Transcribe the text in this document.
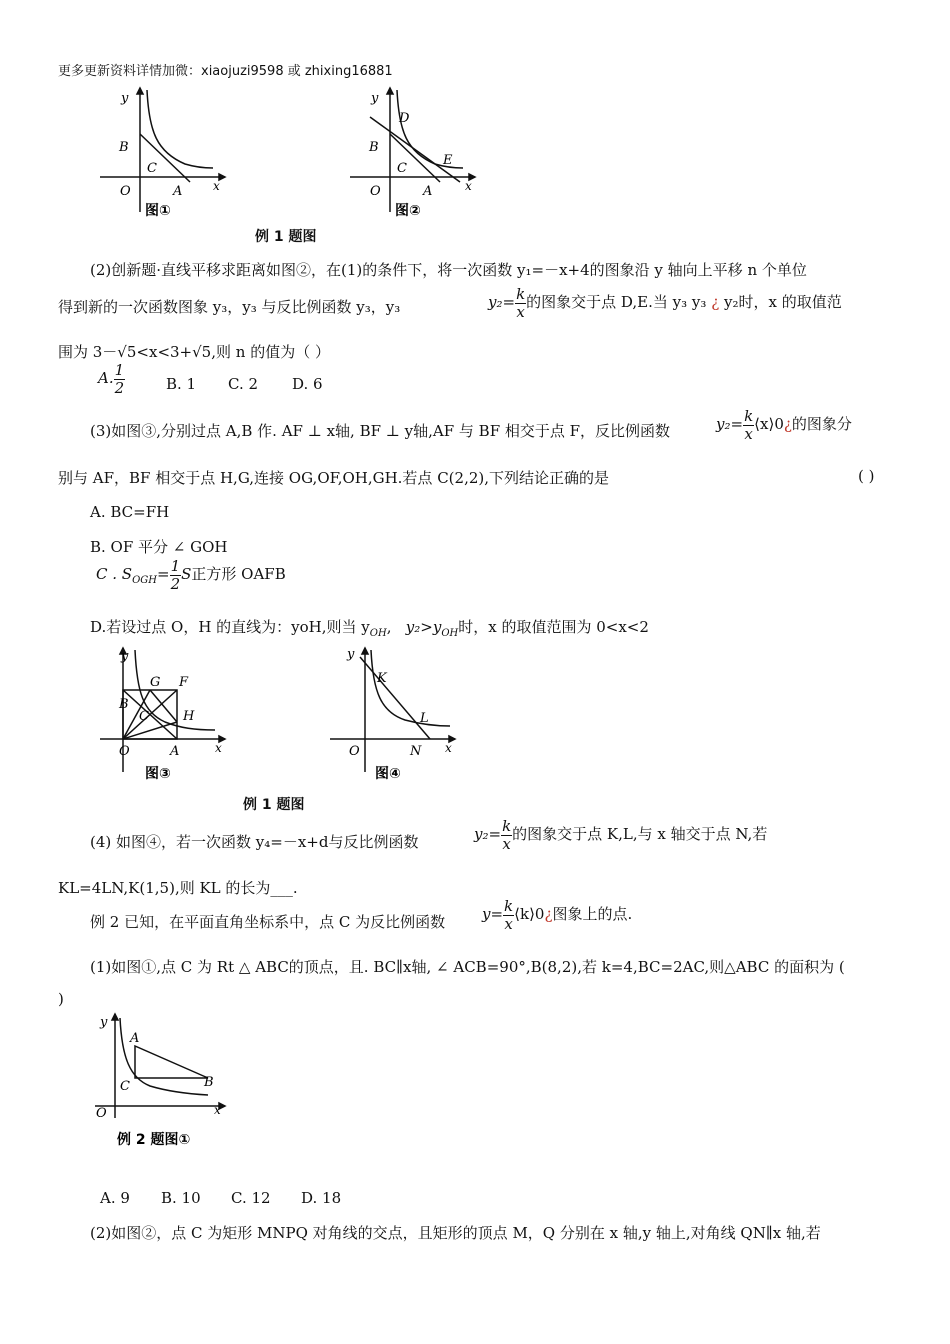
更多更新资料详情加微：xiaojuzi9598 或 zhixing16881
y
B
C
O	A	x
图①
y
D
B
C
E
O	A	x
图②
例 1 题图
(2)创新题·直线平移求距离如图②，在(1)的条件下，将一次函数 y₁=－x+4的图象沿 y 轴向上平移 n 个单位
得到新的一次函数图象 y₃，y₃ 与反比例函数 y₃，y₃	$y_2= \frac{k}{x}$ 的图象交于点 D,E.当 y₃ y₃ ¿ y₂时，x 的取值范
围为 3－√5<x<3+√5,则 n 的值为（ ）
A. $\frac{1}{2}$	B. 1 C. 2 D. 6
(3)如图③,分别过点 A,B 作. AF ⊥ x轴, BF ⊥ y轴,AF 与 BF 相交于点 F，反比例函数	$y_2= \frac{k}{x}$ ⟨x⟩0¿的图象分
别与 AF，BF 相交于点 H,G,连接 OG,OF,OH,GH.若点 C(2,2),下列结论正确的是	( )
A. BC=FH
B. OF 平分 ∠ GOH
C . $S_{OGH}= \frac{1}{2}$ S正方形 OAFB
D.若设过点 O，H 的直线为：yoH,则当 $y_{OH}$,   $y_2>y_{OH}$时，x 的取值范围为 0<x<2
y
G F
B
C	H
O	A	x
图③
y
K
L
O	N x
图④
例 1 题图
(4) 如图④，若一次函数 y₄=－x+d与反比例函数	$y_2= \frac{k}{x}$ 的图象交于点 K,L,与 x 轴交于点 N,若
KL=4LN,K(1,5),则 KL 的长为___.
例 2 已知，在平面直角坐标系中，点 C 为反比例函数 $y= \frac{k}{x}$ ⟨k⟩0¿图象上的点.
(1)如图①,点 C 为 Rt △ ABC的顶点，且. BC∥x轴, ∠ ACB=90°,B(8,2),若 k=4,BC=2AC,则△ABC 的面积为 (
)
y
A
C	B
O	x
例 2 题图①
A. 9 B. 10 C. 12 D. 18
(2)如图②，点 C 为矩形 MNPQ 对角线的交点，且矩形的顶点 M，Q 分别在 x 轴,y 轴上,对角线 QN∥x 轴,若
